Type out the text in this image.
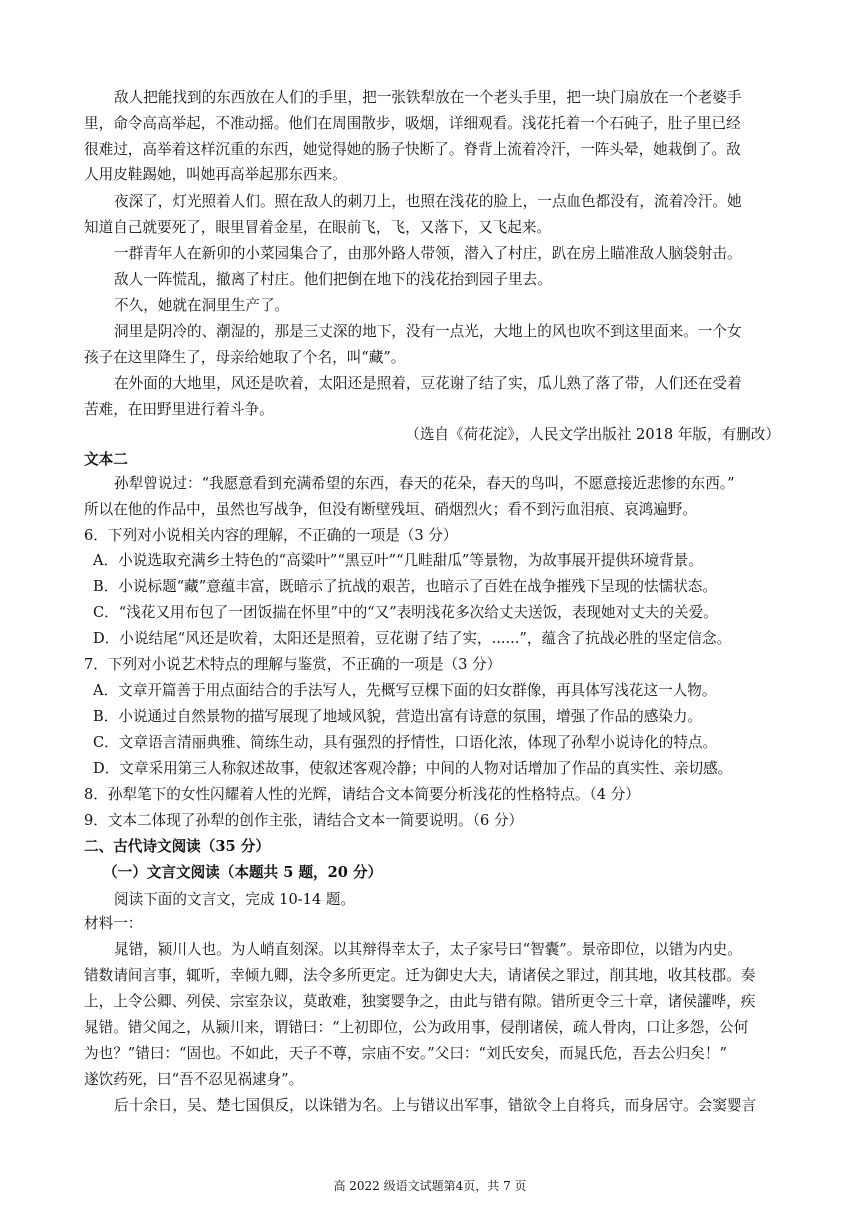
敌人把能找到的东西放在人们的手里，把一张铁犁放在一个老头手里，把一块门扇放在一个老婆手
里，命令高高举起，不准动摇。他们在周围散步，吸烟，详细观看。浅花托着一个石砘子，肚子里已经
很难过，高举着这样沉重的东西，她觉得她的肠子快断了。脊背上流着冷汗，一阵头晕，她栽倒了。敌
人用皮鞋踢她，叫她再高举起那东西来。
夜深了，灯光照着人们。照在敌人的刺刀上，也照在浅花的脸上，一点血色都没有，流着冷汗。她
知道自己就要死了，眼里冒着金星，在眼前飞，飞，又落下，又飞起来。
一群青年人在新卯的小菜园集合了，由那外路人带领，潜入了村庄，趴在房上瞄准敌人脑袋射击。
敌人一阵慌乱，撤离了村庄。他们把倒在地下的浅花抬到园子里去。
不久，她就在洞里生产了。
洞里是阴冷的、潮湿的，那是三丈深的地下，没有一点光，大地上的风也吹不到这里面来。一个女
孩子在这里降生了，母亲给她取了个名，叫“藏”。
在外面的大地里，风还是吹着，太阳还是照着，豆花谢了结了实，瓜儿熟了落了带，人们还在受着
苦难，在田野里进行着斗争。
（选自《荷花淀》，人民文学出版社 2018 年版，有删改）
文本二
孙犁曾说过：“我愿意看到充满希望的东西，春天的花朵，春天的鸟叫，不愿意接近悲惨的东西。”
所以在他的作品中，虽然也写战争，但没有断壁残垣、硝烟烈火；看不到污血泪痕、哀鸿遍野。
6．下列对小说相关内容的理解，不正确的一项是（3 分）
A．小说选取充满乡土特色的“高粱叶”“黑豆叶”“几畦甜瓜”等景物，为故事展开提供环境背景。
B．小说标题“藏”意蕴丰富，既暗示了抗战的艰苦，也暗示了百姓在战争摧残下呈现的怯懦状态。
C．“浅花又用布包了一团饭揣在怀里”中的“又”表明浅花多次给丈夫送饭，表现她对丈夫的关爱。
D．小说结尾“风还是吹着，太阳还是照着，豆花谢了结了实，......”，蕴含了抗战必胜的坚定信念。
7．下列对小说艺术特点的理解与鉴赏，不正确的一项是（3 分）
A．文章开篇善于用点面结合的手法写人，先概写豆棵下面的妇女群像，再具体写浅花这一人物。
B．小说通过自然景物的描写展现了地域风貌，营造出富有诗意的氛围，增强了作品的感染力。
C．文章语言清丽典雅、简练生动，具有强烈的抒情性，口语化浓，体现了孙犁小说诗化的特点。
D．文章采用第三人称叙述故事，使叙述客观冷静；中间的人物对话增加了作品的真实性、亲切感。
8．孙犁笔下的女性闪耀着人性的光辉，请结合文本简要分析浅花的性格特点。（4 分）
9．文本二体现了孙犁的创作主张，请结合文本一简要说明。（6 分）
二、古代诗文阅读（35 分）
（一）文言文阅读（本题共 5 题，20 分）
阅读下面的文言文，完成 10-14 题。
材料一：
晁错，颍川人也。为人峭直刻深。以其辩得幸太子，太子家号曰“智囊”。景帝即位，以错为内史。
错数请间言事，辄听，幸倾九卿，法令多所更定。迁为御史大夫，请诸侯之罪过，削其地，收其枝郡。奏
上，上令公卿、列侯、宗室杂议，莫敢难，独窦婴争之，由此与错有隙。错所更令三十章，诸侯讙哗，疾
晁错。错父闻之，从颍川来，谓错曰：“上初即位，公为政用事，侵削诸侯，疏人骨肉，口让多怨，公何
为也？”错曰：“固也。不如此，天子不尊，宗庙不安。”父曰：“刘氏安矣，而晁氏危，吾去公归矣！”
遂饮药死，曰“吾不忍见祸逮身”。
后十余日，吴、楚七国俱反，以诛错为名。上与错议出军事，错欲令上自将兵，而身居守。会窦婴言
高 2022 级语文试题第4页，共 7 页
